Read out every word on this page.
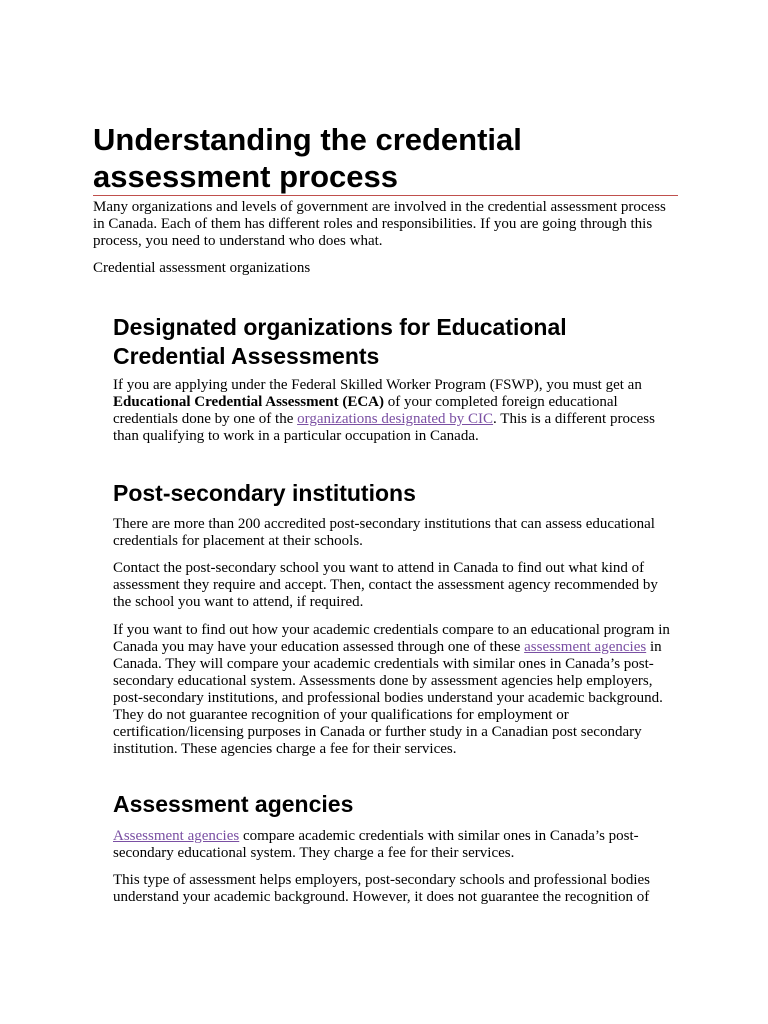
Understanding the credential assessment process

Many organizations and levels of government are involved in the credential assessment process in Canada. Each of them has different roles and responsibilities. If you are going through this process, you need to understand who does what.

Credential assessment organizations

Designated organizations for Educational Credential Assessments

If you are applying under the Federal Skilled Worker Program (FSWP), you must get an Educational Credential Assessment (ECA) of your completed foreign educational credentials done by one of the organizations designated by CIC. This is a different process than qualifying to work in a particular occupation in Canada.

Post-secondary institutions

There are more than 200 accredited post-secondary institutions that can assess educational credentials for placement at their schools.

Contact the post-secondary school you want to attend in Canada to find out what kind of assessment they require and accept. Then, contact the assessment agency recommended by the school you want to attend, if required.

If you want to find out how your academic credentials compare to an educational program in Canada you may have your education assessed through one of these assessment agencies in Canada. They will compare your academic credentials with similar ones in Canada’s post-secondary educational system. Assessments done by assessment agencies help employers, post-secondary institutions, and professional bodies understand your academic background. They do not guarantee recognition of your qualifications for employment or certification/licensing purposes in Canada or further study in a Canadian post secondary institution. These agencies charge a fee for their services.

Assessment agencies

Assessment agencies compare academic credentials with similar ones in Canada’s post-secondary educational system. They charge a fee for their services.

This type of assessment helps employers, post-secondary schools and professional bodies understand your academic background. However, it does not guarantee the recognition of
